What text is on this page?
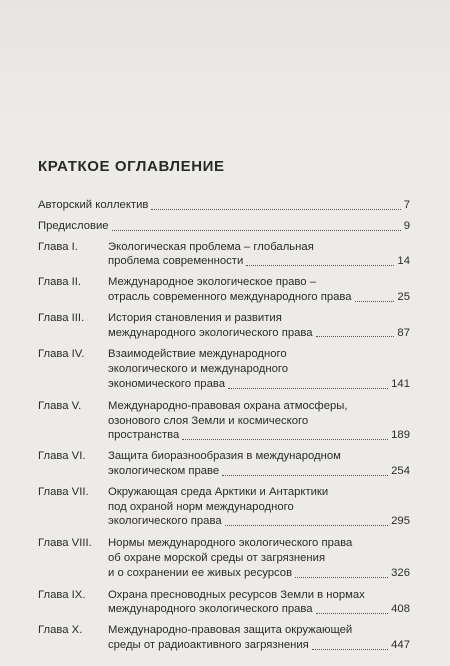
КРАТКОЕ ОГЛАВЛЕНИЕ
Авторский коллектив	7
Предисловие	9
Глава I.	Экологическая проблема – глобальная
проблема современности	14
Глава II.	Международное экологическое право –
отрасль современного международного права	25
Глава III.	История становления и развития
международного экологического права	87
Глава IV.	Взаимодействие международного
экологического и международного
экономического права	141
Глава V.	Международно-правовая охрана атмосферы,
озонового слоя Земли и космического
пространства	189
Глава VI.	Защита биоразнообразия в международном
экологическом праве	254
Глава VII.	Окружающая среда Арктики и Антарктики
под охраной норм международного
экологического права	295
Глава VIII.	Нормы международного экологического права
об охране морской среды от загрязнения
и о сохранении ее живых ресурсов	326
Глава IX.	Охрана пресноводных ресурсов Земли в нормах
международного экологического права	408
Глава X.	Международно-правовая защита окружающей
среды от радиоактивного загрязнения	447
